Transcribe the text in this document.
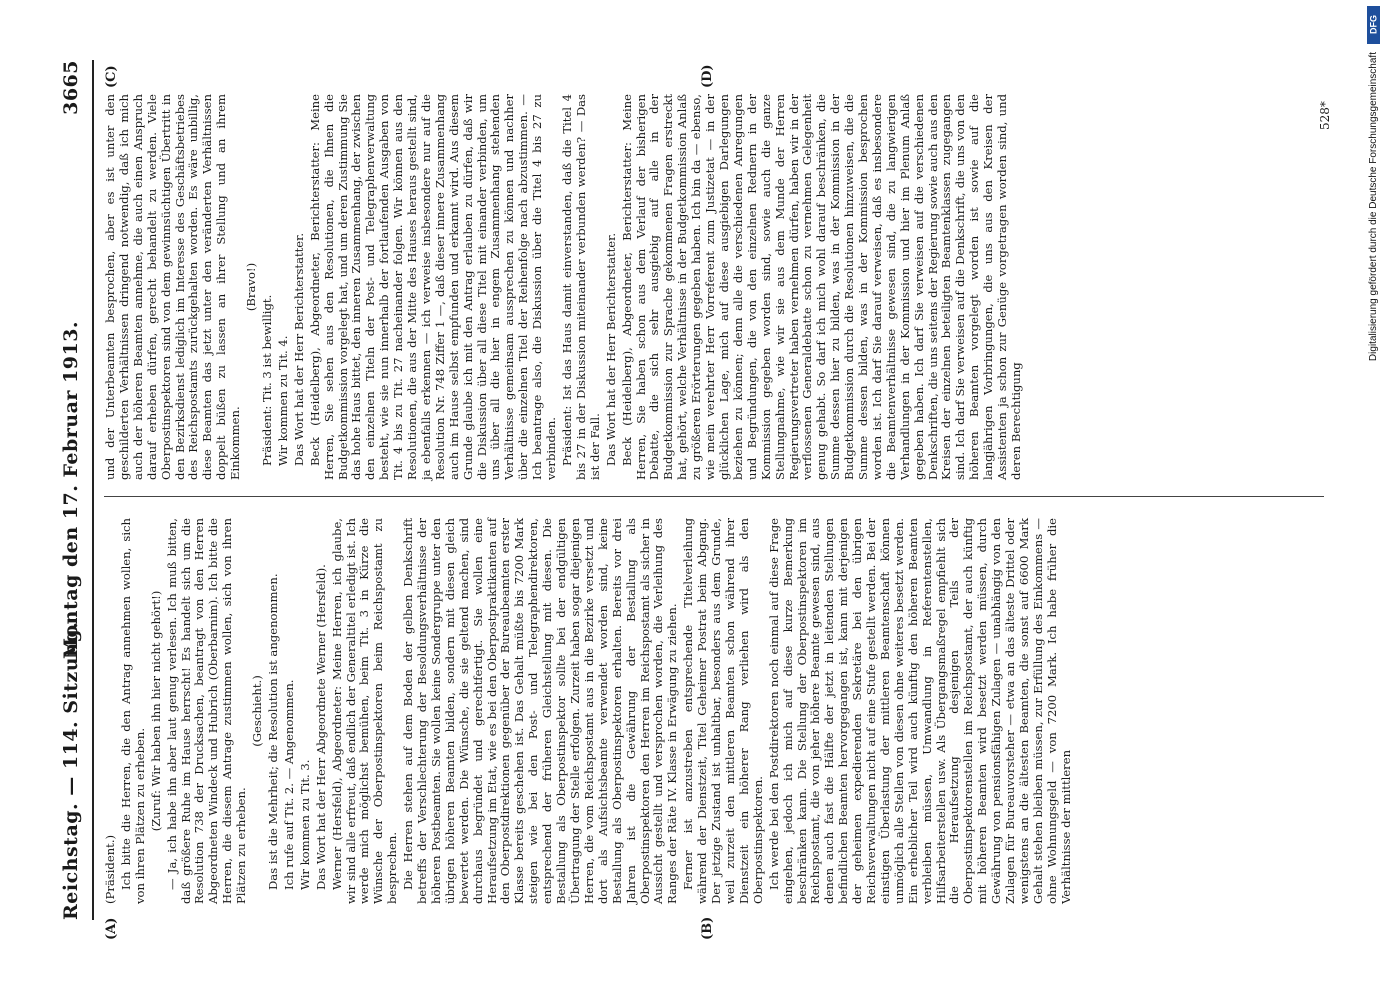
Reichstag. — 114. Sitzung.
Montag den 17. Februar 1913.
3665
(A)	(B)
(C)	(D)

(Präsident.) Ich bitte die Herren, die den Antrag annehmen wollen, sich von ihren Plätzen zu erheben. (Zuruf: Wir haben ihn hier nicht gehört!) — Ja, ich habe ihn aber laut genug verlesen. Ich muß bitten, daß größere Ruhe im Hause herrscht! Es handelt sich um die Resolution 738 der Drucksachen, beantragt von den Herren Abgeordneten Windeck und Hubrich (Oberbarnim). Ich bitte die Herren, die diesem Antrage zustimmen wollen, sich von ihren Plätzen zu erheben.

(Geschieht.) Das ist die Mehrheit; die Resolution ist angenommen. Ich rufe auf Tit. 2. — Angenommen. Wir kommen zu Tit. 3. Das Wort hat der Herr Abgeordnete Werner (Hersfeld). Werner (Hersfeld), Abgeordneter: Meine Herren, ich glaube, wir sind alle erfreut, daß endlich der Generaltitel erledigt ist. Ich werde mich möglichst bemühen, beim Tit. 3 in Kürze die Wünsche der Oberpostinspektoren beim Reichspostamt zu besprechen. Die Herren stehen auf dem Boden der gelben Denkschrift betreffs der Verschlechterung der Besoldungsverhältnisse der höheren Postbeamten. Sie wollen keine Sondergruppe unter den übrigen höheren Beamten bilden, sondern mit diesen gleich bewertet werden. Die Wünsche, die sie geltend machen, sind durchaus begründet und gerechtfertigt. Sie wollen eine Heraufsetzung im Etat, wie es bei den Oberpostpraktikanten auf den Oberpostdirektionen gegenüber der Bureaubeamten erster Klasse bereits geschehen ist. Das Gehalt müßte bis 7200 Mark steigen wie bei den Post- und Telegraphendirektoren, entsprechend der früheren Gleichstellung mit diesen. Die Bestallung als Oberpostinspektor sollte bei der endgültigen Übertragung der Stelle erfolgen. Zurzeit haben sogar diejenigen Herren, die vom Reichspostamt aus in die Bezirke versetzt und dort als Aufsichtsbeamte verwendet worden sind, keine Bestallung als Oberpostinspektoren erhalten. Bereits vor drei Jahren ist die Gewährung der Bestallung als Oberpostinspektoren den Herren im Reichspostamt als sicher in Aussicht gestellt und versprochen worden, die Verleihung des Ranges der Räte IV. Klasse in Erwägung zu ziehen. Ferner ist anzustreben entsprechende Titelverleihung während der Dienstzeit, Titel Geheimer Postrat beim Abgang. Der jetzige Zustand ist unhaltbar, besonders aus dem Grunde, weil zurzeit den mittleren Beamten schon während ihrer Dienstzeit ein höherer Rang verliehen wird als den Oberpostinspektoren. Ich werde bei den Postdirektoren noch einmal auf diese Frage eingehen, jedoch ich mich auf diese kurze Bemerkung beschränken kann. Die Stellung der Oberpostinspektoren im Reichspostamt, die von jeher höhere Beamte gewesen sind, aus denen auch fast die Hälfte der jetzt in leitenden Stellungen befindlichen Beamten hervorgegangen ist, kann mit derjenigen der geheimen expedierenden Sekretäre bei den übrigen Reichsverwaltungen nicht auf eine Stufe gestellt werden. Bei der einstigen Überlastung der mittleren Beamtenschaft können unmöglich alle Stellen von diesen ohne weiteres besetzt werden. Ein erheblicher Teil wird auch künftig den höheren Beamten verbleiben müssen, Umwandlung in Referentenstellen, Hilfsarbeiterstellen usw. Als Übergangsmaßregel empfiehlt sich die Heraufsetzung desjenigen Teils der Oberpostinspektorenstellen im Reichspostamt, der auch künftig mit höheren Beamten wird besetzt werden müssen, durch Gewährung von pensionsfähigen Zulagen — unabhängig von den Zulagen für Bureauvorsteher — etwa an das älteste Drittel oder wenigstens an die ältesten Beamten, die sonst auf 6600 Mark Gehalt stehen bleiben müssen, zur Erfüllung des Einkommens — ohne Wohnungsgeld — von 7200 Mark. Ich habe früher die Verhältnisse der mittleren

und der Unterbeamten besprochen, aber es ist unter den geschilderten Verhältnissen dringend notwendig, daß ich mich auch der höheren Beamten annehme, die auch einen Anspruch darauf erheben dürfen, gerecht behandelt zu werden. Viele Oberpostinspektoren sind von dem gewinnsüchtigen Übertritt in den Bezirksdienst lediglich im Interesse des Geschäftsbetriebes des Reichspostamts zurückgehalten worden. Es wäre unbillig, diese Beamten das jetzt unter den veränderten Verhältnissen doppelt büßen zu lassen an ihrer Stellung und an ihrem Einkommen.

(Bravo!)

Präsident: Tit. 3 ist bewilligt. Wir kommen zu Tit. 4. Das Wort hat der Herr Berichterstatter. Beck (Heidelberg), Abgeordneter, Berichterstatter: Meine Herren, Sie sehen aus den Resolutionen, die Ihnen die Budgetkommission vorgelegt hat, und um deren Zustimmung Sie das hohe Haus bittet, den inneren Zusammenhang, der zwischen den einzelnen Titeln der Post- und Telegraphenverwaltung besteht, wie sie nun innerhalb der fortlaufenden Ausgaben von Tit. 4 bis zu Tit. 27 nacheinander folgen. Wir können aus den Resolutionen, die aus der Mitte des Hauses heraus gestellt sind, ja ebenfalls erkennen — ich verweise insbesondere nur auf die Resolution Nr. 748 Ziffer 1 —, daß dieser innere Zusammenhang auch im Hause selbst empfunden und erkannt wird. Aus diesem Grunde glaube ich mit den Antrag erlauben zu dürfen, daß wir die Diskussion über all diese Titel mit einander verbinden, um uns über all die hier in engem Zusammenhang stehenden Verhältnisse gemeinsam aussprechen zu können und nachher über die einzelnen Titel der Reihenfolge nach abzustimmen. — Ich beantrage also, die Diskussion über die Titel 4 bis 27 zu verbinden. Präsident: Ist das Haus damit einverstanden, daß die Titel 4 bis 27 in der Diskussion miteinander verbunden werden? — Das ist der Fall. Das Wort hat der Herr Berichterstatter. Beck (Heidelberg), Abgeordneter, Berichterstatter: Meine Herren, Sie haben schon aus dem Verlauf der bisherigen Debatte, die sich sehr ausgiebig auf alle in der Budgetkommission zur Sprache gekommenen Fragen erstreckt hat, gehört, welche Verhältnisse in der Budgetkommission Anlaß zu größeren Erörterungen gegeben haben. Ich bin da — ebenso, wie mein verehrter Herr Vorreferent zum Justizetat — in der glücklichen Lage, mich auf diese ausgiebigen Darlegungen beziehen zu können; denn alle die verschiedenen Anregungen und Begründungen, die von den einzelnen Rednern in der Kommission gegeben worden sind, sowie auch die ganze Stellungnahme, wie wir sie aus dem Munde der Herren Regierungsvertreter haben vernehmen dürfen, haben wir in der verflossenen Generaldebatte schon zu vernehmen Gelegenheit genug gehabt. So darf ich mich wohl darauf beschränken, die Summe dessen hier zu bilden, was in der Kommission in der Budgetkommission durch die Resolutionen hinzuweisen, die die Summe dessen bilden, was in der Kommission besprochen worden ist. Ich darf Sie darauf verweisen, daß es insbesondere die Beamtenverhältnisse gewesen sind, die zu langwierigen Verhandlungen in der Kommission und hier im Plenum Anlaß gegeben haben. Ich darf Sie verweisen auf die verschiedenen Denkschriften, die uns seitens der Regierung sowie auch aus den Kreisen der einzelnen beteiligten Beamtenklassen zugegangen sind. Ich darf Sie verweisen auf die Denkschrift, die uns von den höheren Beamten vorgelegt worden ist sowie auf die langjährigen Vorbringungen, die uns aus den Kreisen der Assistenten ja schon zur Genüge vorgetragen worden sind, und deren Berechtigung

528*
DFG
Digitalisierung gefördert durch die Deutsche Forschungsgemeinschaft
